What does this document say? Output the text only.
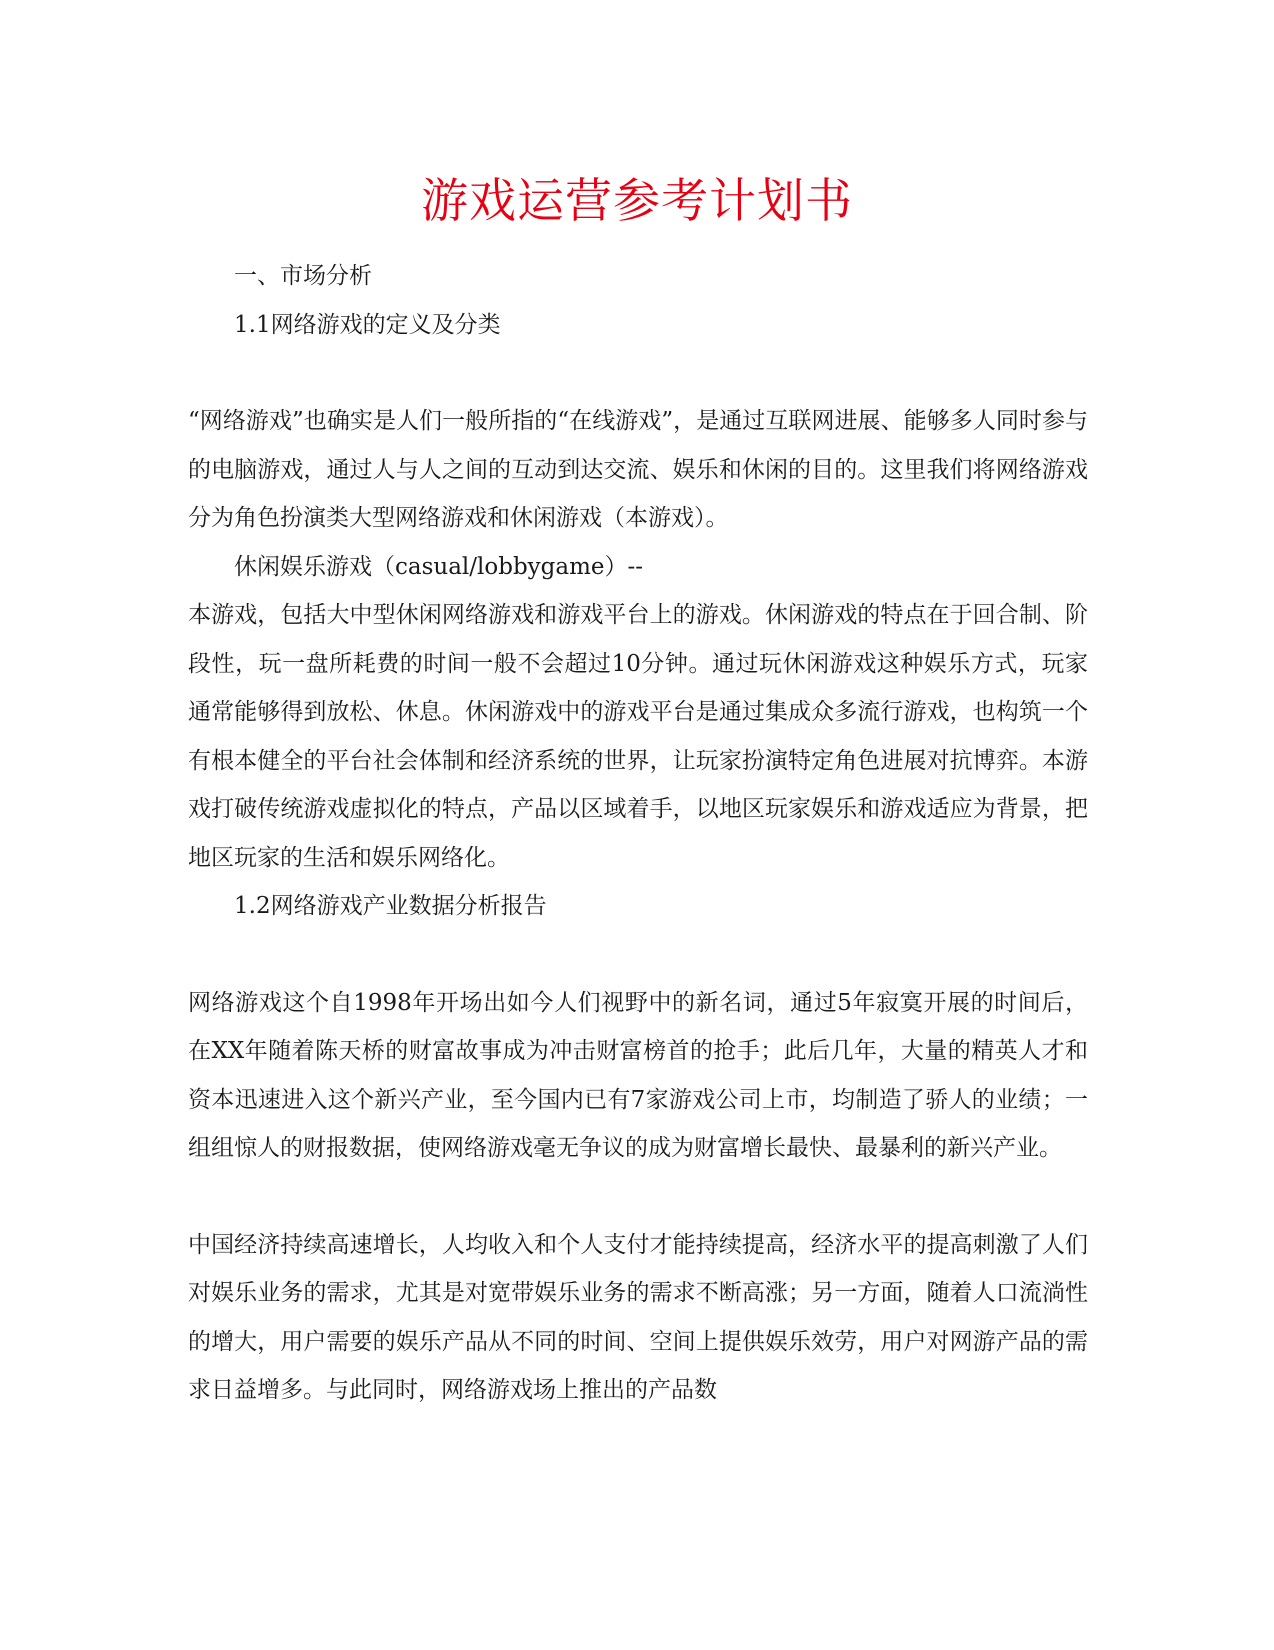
游戏运营参考计划书
一、市场分析
1.1网络游戏的定义及分类
“网络游戏”也确实是人们一般所指的“在线游戏”，是通过互联网进展、能够多人同时参与的电脑游戏，通过人与人之间的互动到达交流、娱乐和休闲的目的。这里我们将网络游戏分为角色扮演类大型网络游戏和休闲游戏（本游戏）。
休闲娱乐游戏（casual/lobbygame）--
本游戏，包括大中型休闲网络游戏和游戏平台上的游戏。休闲游戏的特点在于回合制、阶段性，玩一盘所耗费的时间一般不会超过10分钟。通过玩休闲游戏这种娱乐方式，玩家通常能够得到放松、休息。休闲游戏中的游戏平台是通过集成众多流行游戏，也构筑一个有根本健全的平台社会体制和经济系统的世界，让玩家扮演特定角色进展对抗博弈。本游戏打破传统游戏虚拟化的特点，产品以区域着手，以地区玩家娱乐和游戏适应为背景，把地区玩家的生活和娱乐网络化。
1.2网络游戏产业数据分析报告
网络游戏这个自1998年开场出如今人们视野中的新名词，通过5年寂寞开展的时间后，在XX年随着陈天桥的财富故事成为冲击财富榜首的抢手；此后几年，大量的精英人才和资本迅速进入这个新兴产业，至今国内已有7家游戏公司上市，均制造了骄人的业绩；一组组惊人的财报数据，使网络游戏毫无争议的成为财富增长最快、最暴利的新兴产业。
中国经济持续高速增长，人均收入和个人支付才能持续提高，经济水平的提高刺激了人们对娱乐业务的需求，尤其是对宽带娱乐业务的需求不断高涨；另一方面，随着人口流淌性的增大，用户需要的娱乐产品从不同的时间、空间上提供娱乐效劳，用户对网游产品的需求日益增多。与此同时，网络游戏场上推出的产品数
